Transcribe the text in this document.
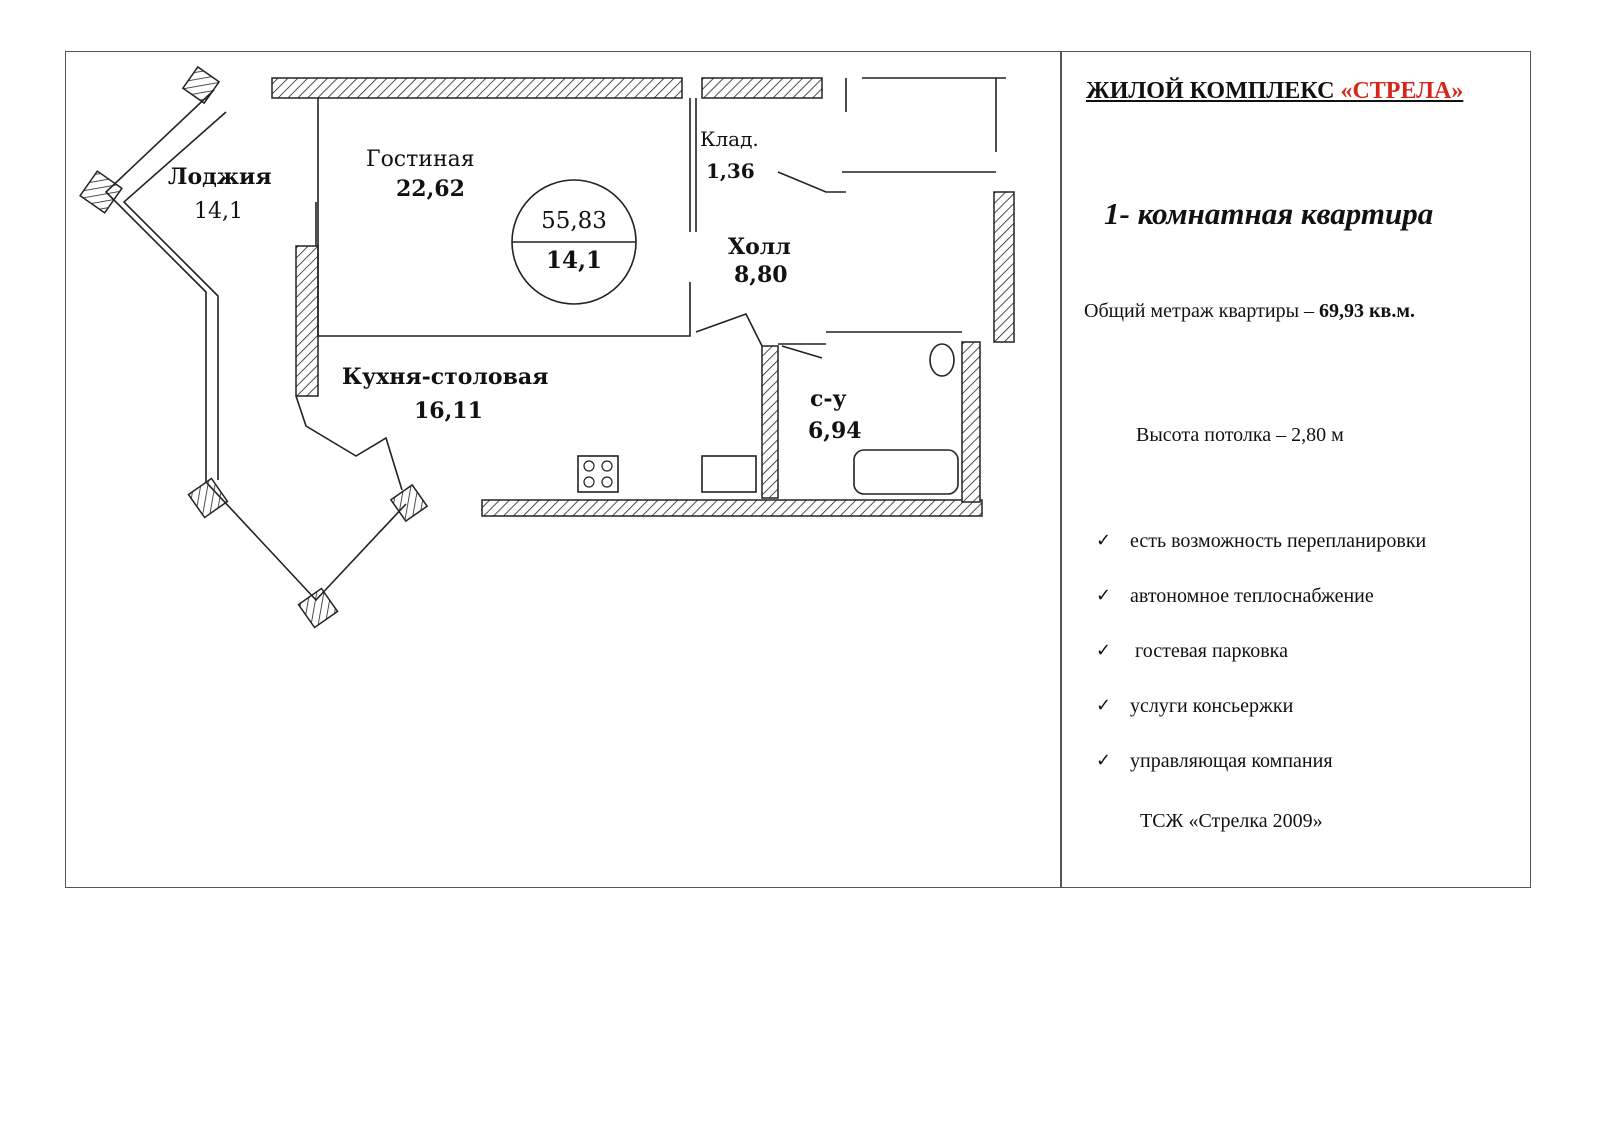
Лоджия
14,1
Гостиная
22,62
Клад.
1,36
Холл
8,80
Кухня-столовая
16,11	с-у
6,94
55,83
14,1
ЖИЛОЙ КОМПЛЕКС «СТРЕЛА»
1- комнатная квартира
Общий метраж квартиры – 69,93 кв.м.
Высота потолка – 2,80 м
✓ есть возможность перепланировки
✓ автономное теплоснабжение
✓ гостевая парковка
✓ услуги консьержки
✓ управляющая компания
ТСЖ «Стрелка 2009»
